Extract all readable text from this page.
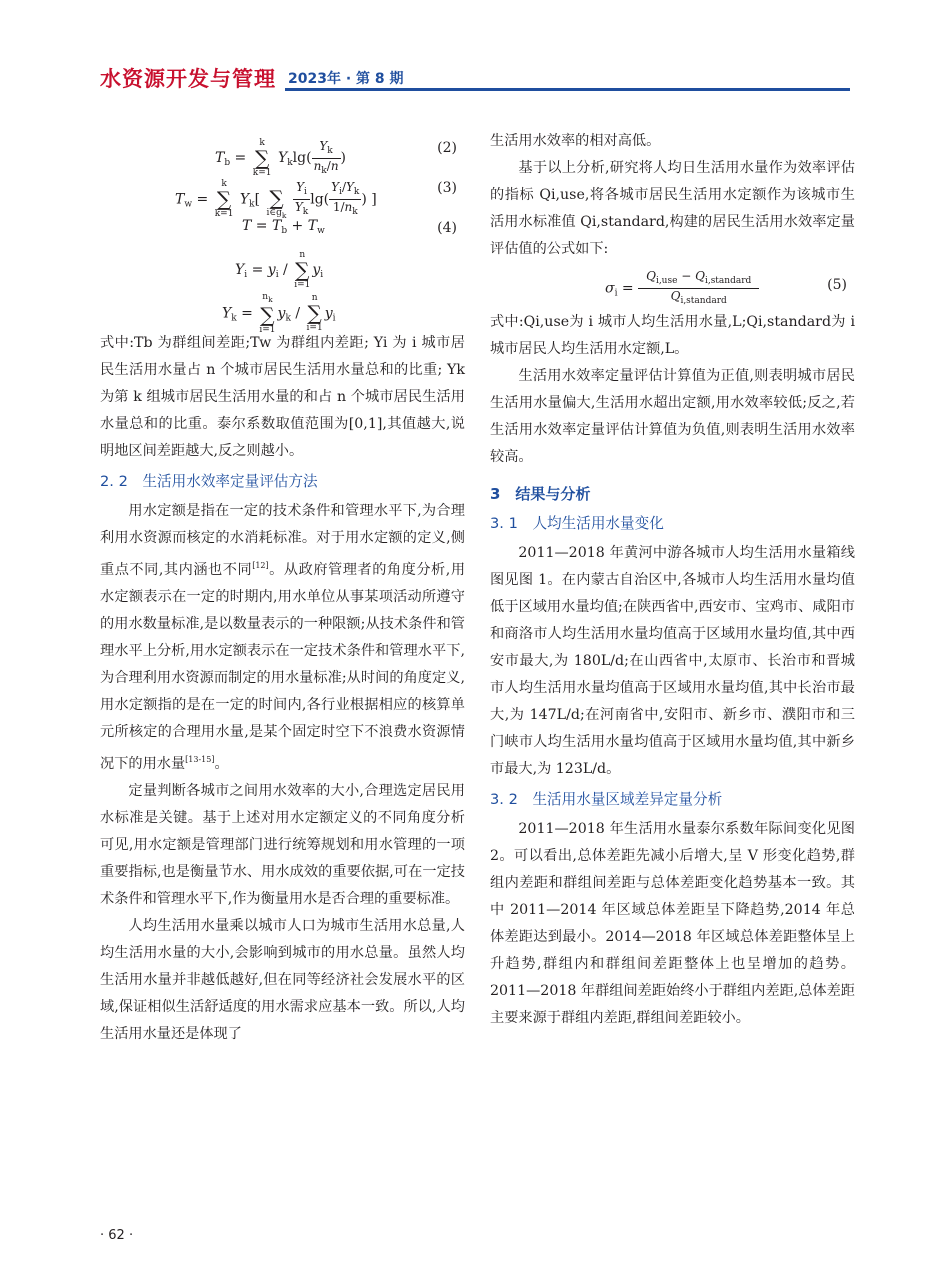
水资源开发与管理 2023年 · 第 8 期
$T_b = k$
∑
k=1 $Y_k\lg( \frac{Y_k}{n_k/n}$ )
(2)
$T_w = k$
∑
k=1 $Y_k$[ ∑
$i\in g_k \frac{Y_i}{Y_k} \lg( \frac{Y_i/Y_k}{1/n_k}$ ) ]
(3)
$T = T_b + T_w$	(4)
$Y_i = y_i / n$
∑
$i=1y_i$
$Y_k = n_k$
∑
$i=1y_k / n$
∑
$i=1y_i$

式中:Tb 为群组间差距;Tw 为群组内差距; Yi 为 i 城市居民生活用水量占 n 个城市居民生活用水量总和的比重; Yk 为第 k 组城市居民生活用水量的和占 n 个城市居民生活用水量总和的比重。泰尔系数取值范围为[0,1],其值越大,说明地区间差距越大,反之则越小。

2. 2　生活用水效率定量评估方法

用水定额是指在一定的技术条件和管理水平下,为合理利用水资源而核定的水消耗标准。对于用水定额的定义,侧重点不同,其内涵也不同[12]。从政府管理者的角度分析,用水定额表示在一定的时期内,用水单位从事某项活动所遵守的用水数量标准,是以数量表示的一种限额;从技术条件和管理水平上分析,用水定额表示在一定技术条件和管理水平下,为合理利用水资源而制定的用水量标准;从时间的角度定义,用水定额指的是在一定的时间内,各行业根据相应的核算单元所核定的合理用水量,是某个固定时空下不浪费水资源情况下的用水量[13-15]。

定量判断各城市之间用水效率的大小,合理选定居民用水标准是关键。基于上述对用水定额定义的不同角度分析可见,用水定额是管理部门进行统筹规划和用水管理的一项重要指标,也是衡量节水、用水成效的重要依据,可在一定技术条件和管理水平下,作为衡量用水是否合理的重要标准。

人均生活用水量乘以城市人口为城市生活用水总量,人均生活用水量的大小,会影响到城市的用水总量。虽然人均生活用水量并非越低越好,但在同等经济社会发展水平的区域,保证相似生活舒适度的用水需求应基本一致。所以,人均生活用水量还是体现了

生活用水效率的相对高低。

基于以上分析,研究将人均日生活用水量作为效率评估的指标 Qi,use,将各城市居民生活用水定额作为该城市生活用水标准值 Qi,standard,构建的居民生活用水效率定量评估值的公式如下:

$\sigma_i = \frac{Q_{i,use} - Q_{i,standard}}{Q_{i,standard}}$	(5)

式中:Qi,use为 i 城市人均生活用水量,L;Qi,standard为 i 城市居民人均生活用水定额,L。

生活用水效率定量评估计算值为正值,则表明城市居民生活用水量偏大,生活用水超出定额,用水效率较低;反之,若生活用水效率定量评估计算值为负值,则表明生活用水效率较高。

3　结果与分析
3. 1　人均生活用水量变化

2011—2018 年黄河中游各城市人均生活用水量箱线图见图 1。在内蒙古自治区中,各城市人均生活用水量均值低于区域用水量均值;在陕西省中,西安市、宝鸡市、咸阳市和商洛市人均生活用水量均值高于区域用水量均值,其中西安市最大,为 180L/d;在山西省中,太原市、长治市和晋城市人均生活用水量均值高于区域用水量均值,其中长治市最大,为 147L/d;在河南省中,安阳市、新乡市、濮阳市和三门峡市人均生活用水量均值高于区域用水量均值,其中新乡市最大,为 123L/d。

3. 2　生活用水量区域差异定量分析

2011—2018 年生活用水量泰尔系数年际间变化见图 2。可以看出,总体差距先减小后增大,呈 V 形变化趋势,群组内差距和群组间差距与总体差距变化趋势基本一致。其中 2011—2014 年区域总体差距呈下降趋势,2014 年总体差距达到最小。2014—2018 年区域总体差距整体呈上升趋势,群组内和群组间差距整体上也呈增加的趋势。2011—2018 年群组间差距始终小于群组内差距,总体差距主要来源于群组内差距,群组间差距较小。

· 62 ·
